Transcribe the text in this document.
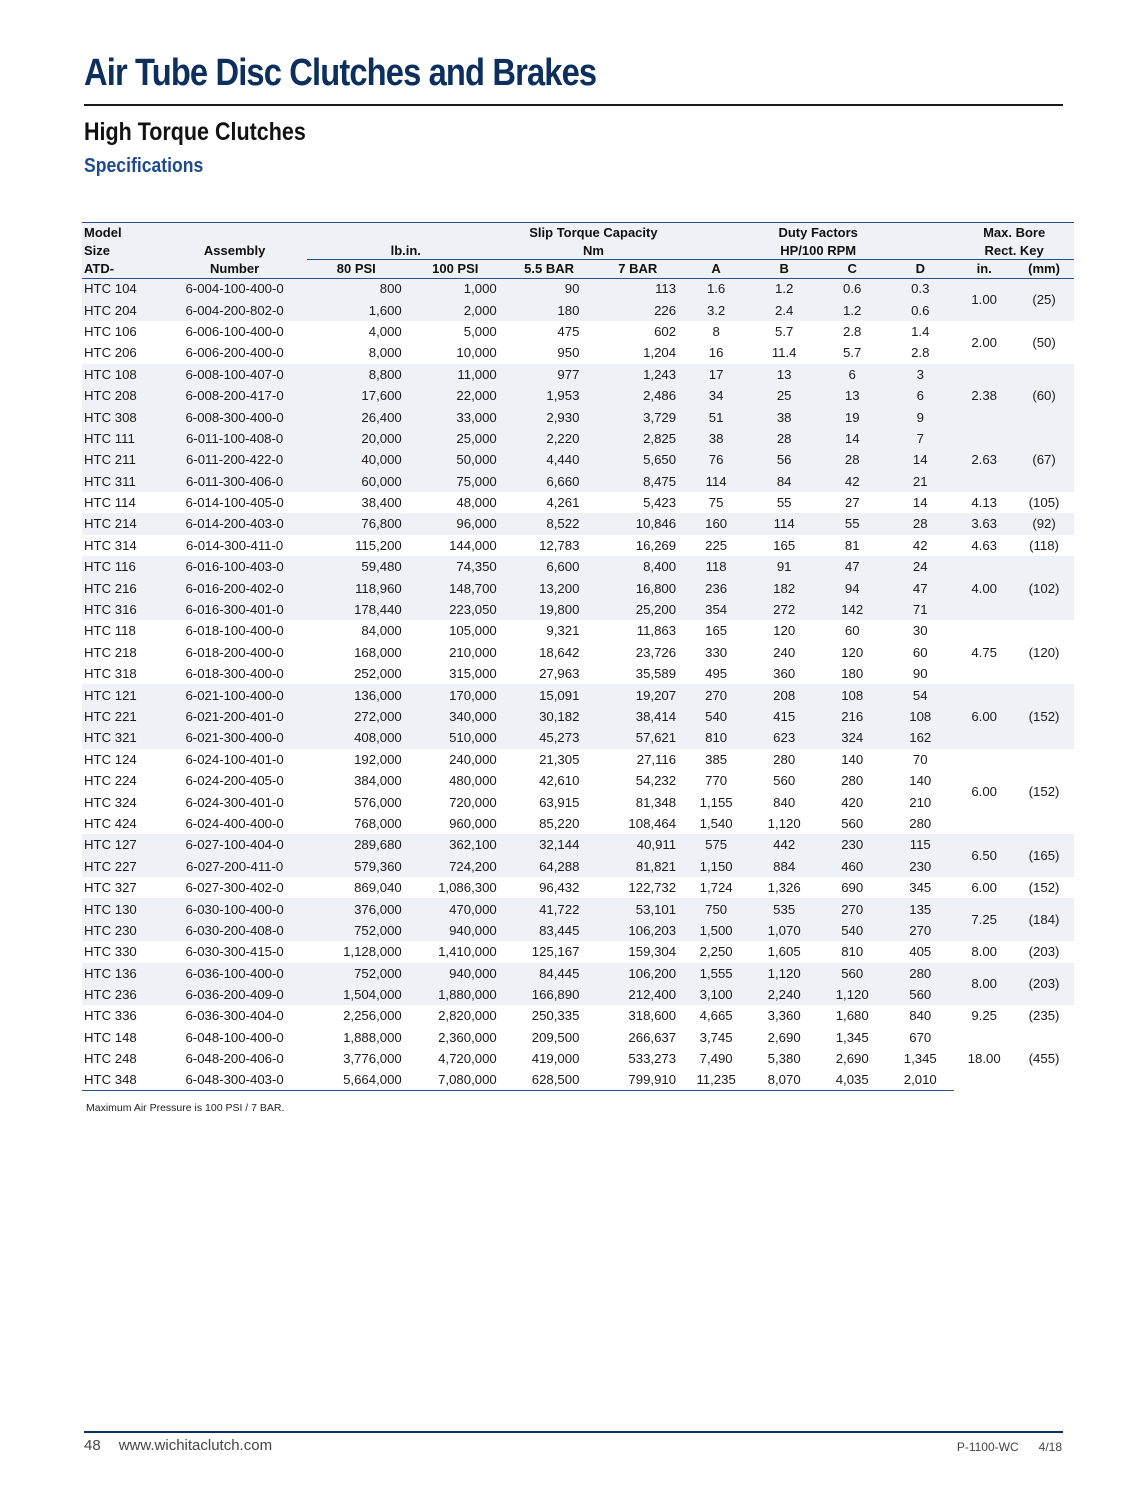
Air Tube Disc Clutches and Brakes
High Torque Clutches
Specifications
Model				Slip Torque Capacity			Duty Factors			Max. Bore	
Size	Assembly	lb.in.		Nm		HP/100 RPM				Rect. Key	
ATD-	Number	80 PSI	100 PSI	5.5 BAR	7 BAR	A	B	C	D	in.	(mm)
HTC 104	6-004-100-400-0	800	1,000	90	113	1.6	1.2	0.6	0.3	1.00	(25)
HTC 204	6-004-200-802-0	1,600	2,000	180	226	3.2	2.4	1.2	0.6		
HTC 106	6-006-100-400-0	4,000	5,000	475	602	8	5.7	2.8	1.4	2.00	(50)
HTC 206	6-006-200-400-0	8,000	10,000	950	1,204	16	11.4	5.7	2.8		
HTC 108	6-008-100-407-0	8,800	11,000	977	1,243	17	13	6	3	2.38	(60)
HTC 208	6-008-200-417-0	17,600	22,000	1,953	2,486	34	25	13	6		
HTC 308	6-008-300-400-0	26,400	33,000	2,930	3,729	51	38	19	9		
HTC 111	6-011-100-408-0	20,000	25,000	2,220	2,825	38	28	14	7	2.63	(67)
HTC 211	6-011-200-422-0	40,000	50,000	4,440	5,650	76	56	28	14		
HTC 311	6-011-300-406-0	60,000	75,000	6,660	8,475	114	84	42	21		
HTC 114	6-014-100-405-0	38,400	48,000	4,261	5,423	75	55	27	14	4.13	(105)
HTC 214	6-014-200-403-0	76,800	96,000	8,522	10,846	160	114	55	28	3.63	(92)
HTC 314	6-014-300-411-0	115,200	144,000	12,783	16,269	225	165	81	42	4.63	(118)
HTC 116	6-016-100-403-0	59,480	74,350	6,600	8,400	118	91	47	24	4.00	(102)
HTC 216	6-016-200-402-0	118,960	148,700	13,200	16,800	236	182	94	47		
HTC 316	6-016-300-401-0	178,440	223,050	19,800	25,200	354	272	142	71		
HTC 118	6-018-100-400-0	84,000	105,000	9,321	11,863	165	120	60	30	4.75	(120)
HTC 218	6-018-200-400-0	168,000	210,000	18,642	23,726	330	240	120	60		
HTC 318	6-018-300-400-0	252,000	315,000	27,963	35,589	495	360	180	90		
HTC 121	6-021-100-400-0	136,000	170,000	15,091	19,207	270	208	108	54	6.00	(152)
HTC 221	6-021-200-401-0	272,000	340,000	30,182	38,414	540	415	216	108		
HTC 321	6-021-300-400-0	408,000	510,000	45,273	57,621	810	623	324	162		
HTC 124	6-024-100-401-0	192,000	240,000	21,305	27,116	385	280	140	70	6.00	(152)
HTC 224	6-024-200-405-0	384,000	480,000	42,610	54,232	770	560	280	140		
HTC 324	6-024-300-401-0	576,000	720,000	63,915	81,348	1,155	840	420	210		
HTC 424	6-024-400-400-0	768,000	960,000	85,220	108,464	1,540	1,120	560	280		
HTC 127	6-027-100-404-0	289,680	362,100	32,144	40,911	575	442	230	115	6.50	(165)
HTC 227	6-027-200-411-0	579,360	724,200	64,288	81,821	1,150	884	460	230		
HTC 327	6-027-300-402-0	869,040	1,086,300	96,432	122,732	1,724	1,326	690	345	6.00	(152)
HTC 130	6-030-100-400-0	376,000	470,000	41,722	53,101	750	535	270	135	7.25	(184)
HTC 230	6-030-200-408-0	752,000	940,000	83,445	106,203	1,500	1,070	540	270		
HTC 330	6-030-300-415-0	1,128,000	1,410,000	125,167	159,304	2,250	1,605	810	405	8.00	(203)
HTC 136	6-036-100-400-0	752,000	940,000	84,445	106,200	1,555	1,120	560	280	8.00	(203)
HTC 236	6-036-200-409-0	1,504,000	1,880,000	166,890	212,400	3,100	2,240	1,120	560		
HTC 336	6-036-300-404-0	2,256,000	2,820,000	250,335	318,600	4,665	3,360	1,680	840	9.25	(235)
HTC 148	6-048-100-400-0	1,888,000	2,360,000	209,500	266,637	3,745	2,690	1,345	670	18.00	(455)
HTC 248	6-048-200-406-0	3,776,000	4,720,000	419,000	533,273	7,490	5,380	2,690	1,345		
HTC 348	6-048-300-403-0	5,664,000	7,080,000	628,500	799,910	11,235	8,070	4,035	2,010		
Maximum Air Pressure is 100 PSI / 7 BAR.
48 www.wichitaclutch.com	P-1100-WC 4/18
